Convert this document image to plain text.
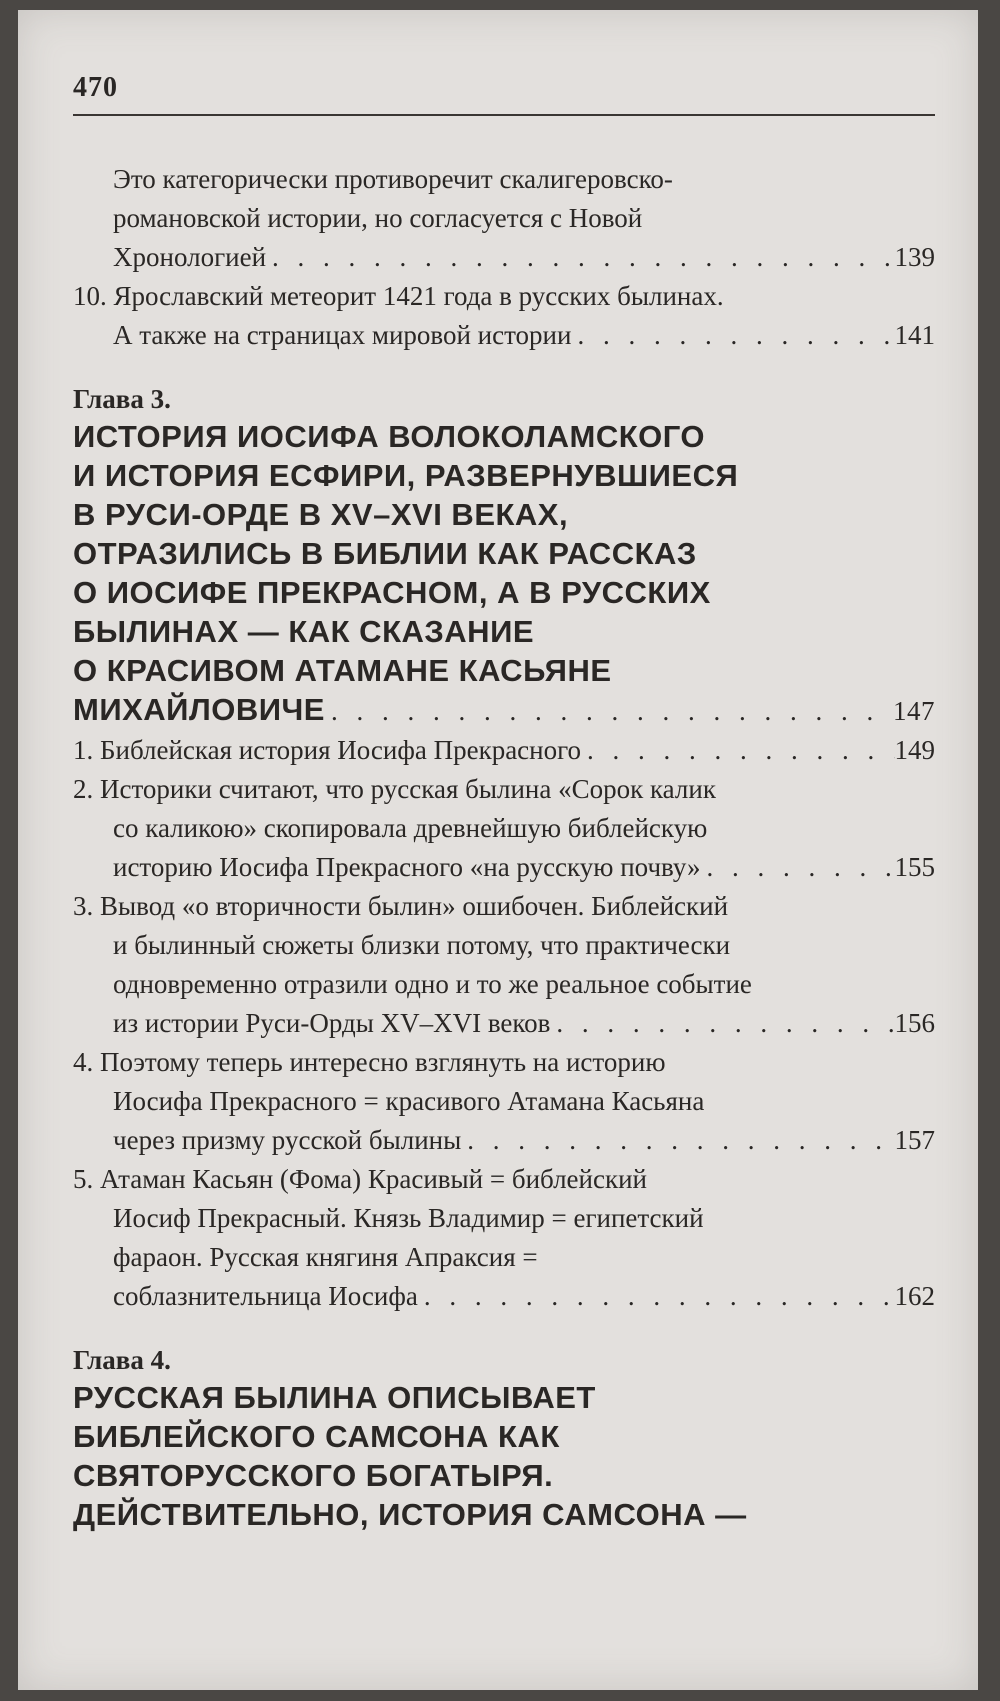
470
Это категорически противоречит скалигеровско-
романовской истории, но согласуется с Новой
Хронологией . . .	139
10. Ярославский метеорит 1421 года в русских былинах.
А также на страницах мировой истории . . .	141
Глава 3.
ИСТОРИЯ ИОСИФА ВОЛОКОЛАМСКОГО
И ИСТОРИЯ ЕСФИРИ, РАЗВЕРНУВШИЕСЯ
В РУСИ-ОРДЕ В XV–XVI ВЕКАХ,
ОТРАЗИЛИСЬ В БИБЛИИ КАК РАССКАЗ
О ИОСИФЕ ПРЕКРАСНОМ, А В РУССКИХ
БЫЛИНАХ — КАК СКАЗАНИЕ
О КРАСИВОМ АТАМАНЕ КАСЬЯНЕ
МИХАЙЛОВИЧЕ . . .	147
1. Библейская история Иосифа Прекрасного . . .	149
2. Историки считают, что русская былина «Сорок калик
со каликою» скопировала древнейшую библейскую
историю Иосифа Прекрасного «на русскую почву» . . .	155
3. Вывод «о вторичности былин» ошибочен. Библейский
и былинный сюжеты близки потому, что практически
одновременно отразили одно и то же реальное событие
из истории Руси-Орды XV–XVI веков . . .	156
4. Поэтому теперь интересно взглянуть на историю
Иосифа Прекрасного = красивого Атамана Касьяна
через призму русской былины . . .	157
5. Атаман Касьян (Фома) Красивый = библейский
Иосиф Прекрасный. Князь Владимир = египетский
фараон. Русская княгиня Апраксия =
соблазнительница Иосифа . . .	162
Глава 4.
РУССКАЯ БЫЛИНА ОПИСЫВАЕТ
БИБЛЕЙСКОГО САМСОНА КАК
СВЯТОРУССКОГО БОГАТЫРЯ.
ДЕЙСТВИТЕЛЬНО, ИСТОРИЯ САМСОНА —
